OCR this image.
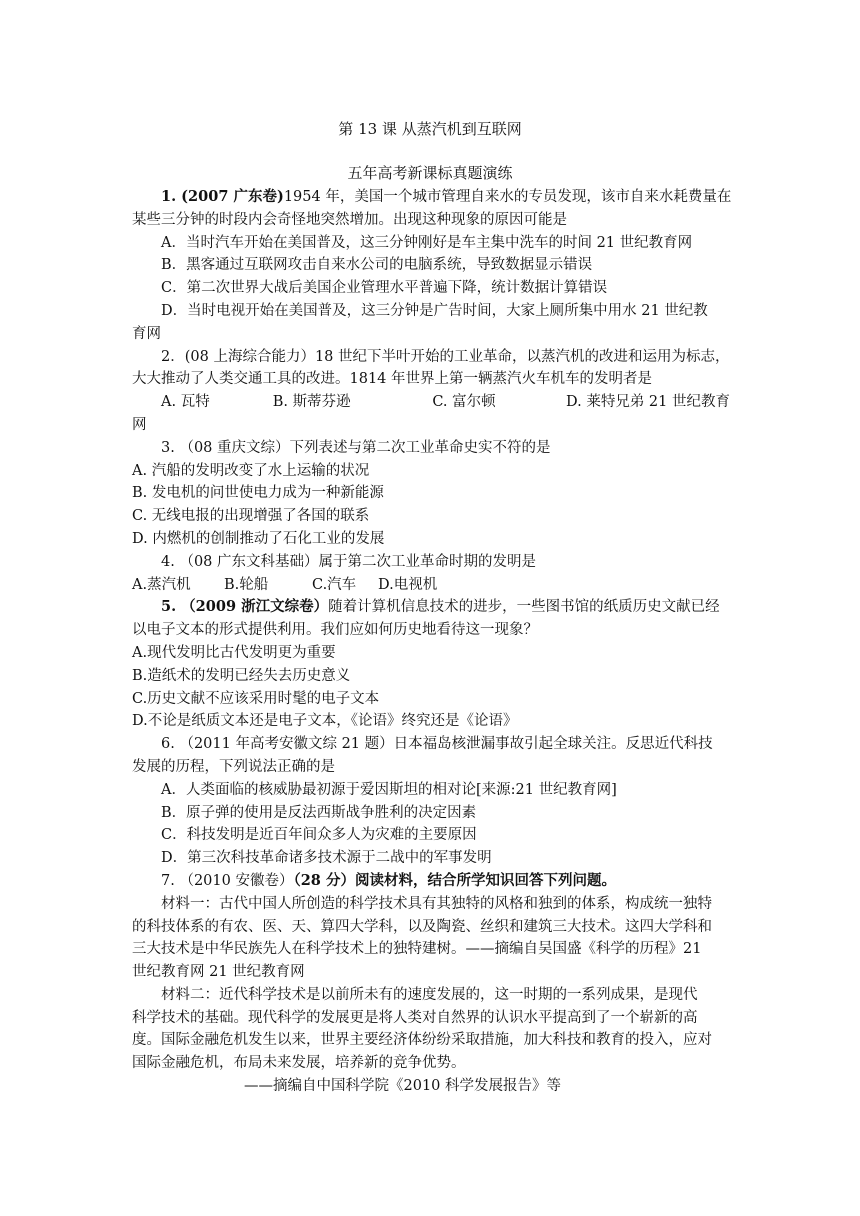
第 13 课 从蒸汽机到互联网
五年高考新课标真题演练
1. (2007 广东卷)1954 年，美国一个城市管理自来水的专员发现，该市自来水耗费量在
某些三分钟的时段内会奇怪地突然增加。出现这种现象的原因可能是
A．当时汽车开始在美国普及，这三分钟刚好是车主集中洗车的时间 21 世纪教育网
B．黑客通过互联网攻击自来水公司的电脑系统，导致数据显示错误
C．第二次世界大战后美国企业管理水平普遍下降，统计数据计算错误
D．当时电视开始在美国普及，这三分钟是广告时间，大家上厕所集中用水 21 世纪教
育网
2．(08 上海综合能力）18 世纪下半叶开始的工业革命，以蒸汽机的改进和运用为标志，
大大推动了人类交通工具的改进。1814 年世界上第一辆蒸汽火车机车的发明者是
A. 瓦特	B. 斯蒂芬逊	C. 富尔顿	D. 莱特兄弟 21 世纪教育
网
3. （08 重庆文综）下列表述与第二次工业革命史实不符的是
A. 汽船的发明改变了水上运输的状况
B. 发电机的问世使电力成为一种新能源
C. 无线电报的出现增强了各国的联系
D. 内燃机的创制推动了石化工业的发展
4. （08 广东文科基础）属于第二次工业革命时期的发明是
A.蒸汽机	B.轮船	C.汽车	D.电视机
5. （2009 浙江文综卷）随着计算机信息技术的进步，一些图书馆的纸质历史文献已经
以电子文本的形式提供利用。我们应如何历史地看待这一现象？
A.现代发明比古代发明更为重要
B.造纸术的发明已经失去历史意义
C.历史文献不应该采用时髦的电子文本
D.不论是纸质文本还是电子文本，《论语》终究还是《论语》
6. （2011 年高考安徽文综 21 题）日本福岛核泄漏事故引起全球关注。反思近代科技
发展的历程，下列说法正确的是
A．人类面临的核威胁最初源于爱因斯坦的相对论[来源:21 世纪教育网]
B．原子弹的使用是反法西斯战争胜利的决定因素
C．科技发明是近百年间众多人为灾难的主要原因
D．第三次科技革命诸多技术源于二战中的军事发明
7. （2010 安徽卷）（28 分）阅读材料，结合所学知识回答下列问题。
材料一：古代中国人所创造的科学技术具有其独特的风格和独到的体系，构成统一独特
的科技体系的有农、医、天、算四大学科，以及陶瓷、丝织和建筑三大技术。这四大学科和
三大技术是中华民族先人在科学技术上的独特建树。——摘编自吴国盛《科学的历程》21
世纪教育网 21 世纪教育网
材料二：近代科学技术是以前所未有的速度发展的，这一时期的一系列成果，是现代
科学技术的基础。现代科学的发展更是将人类对自然界的认识水平提高到了一个崭新的高
度。国际金融危机发生以来，世界主要经济体纷纷采取措施，加大科技和教育的投入，应对
国际金融危机，布局未来发展，培养新的竞争优势。
——摘编自中国科学院《2010 科学发展报告》等
